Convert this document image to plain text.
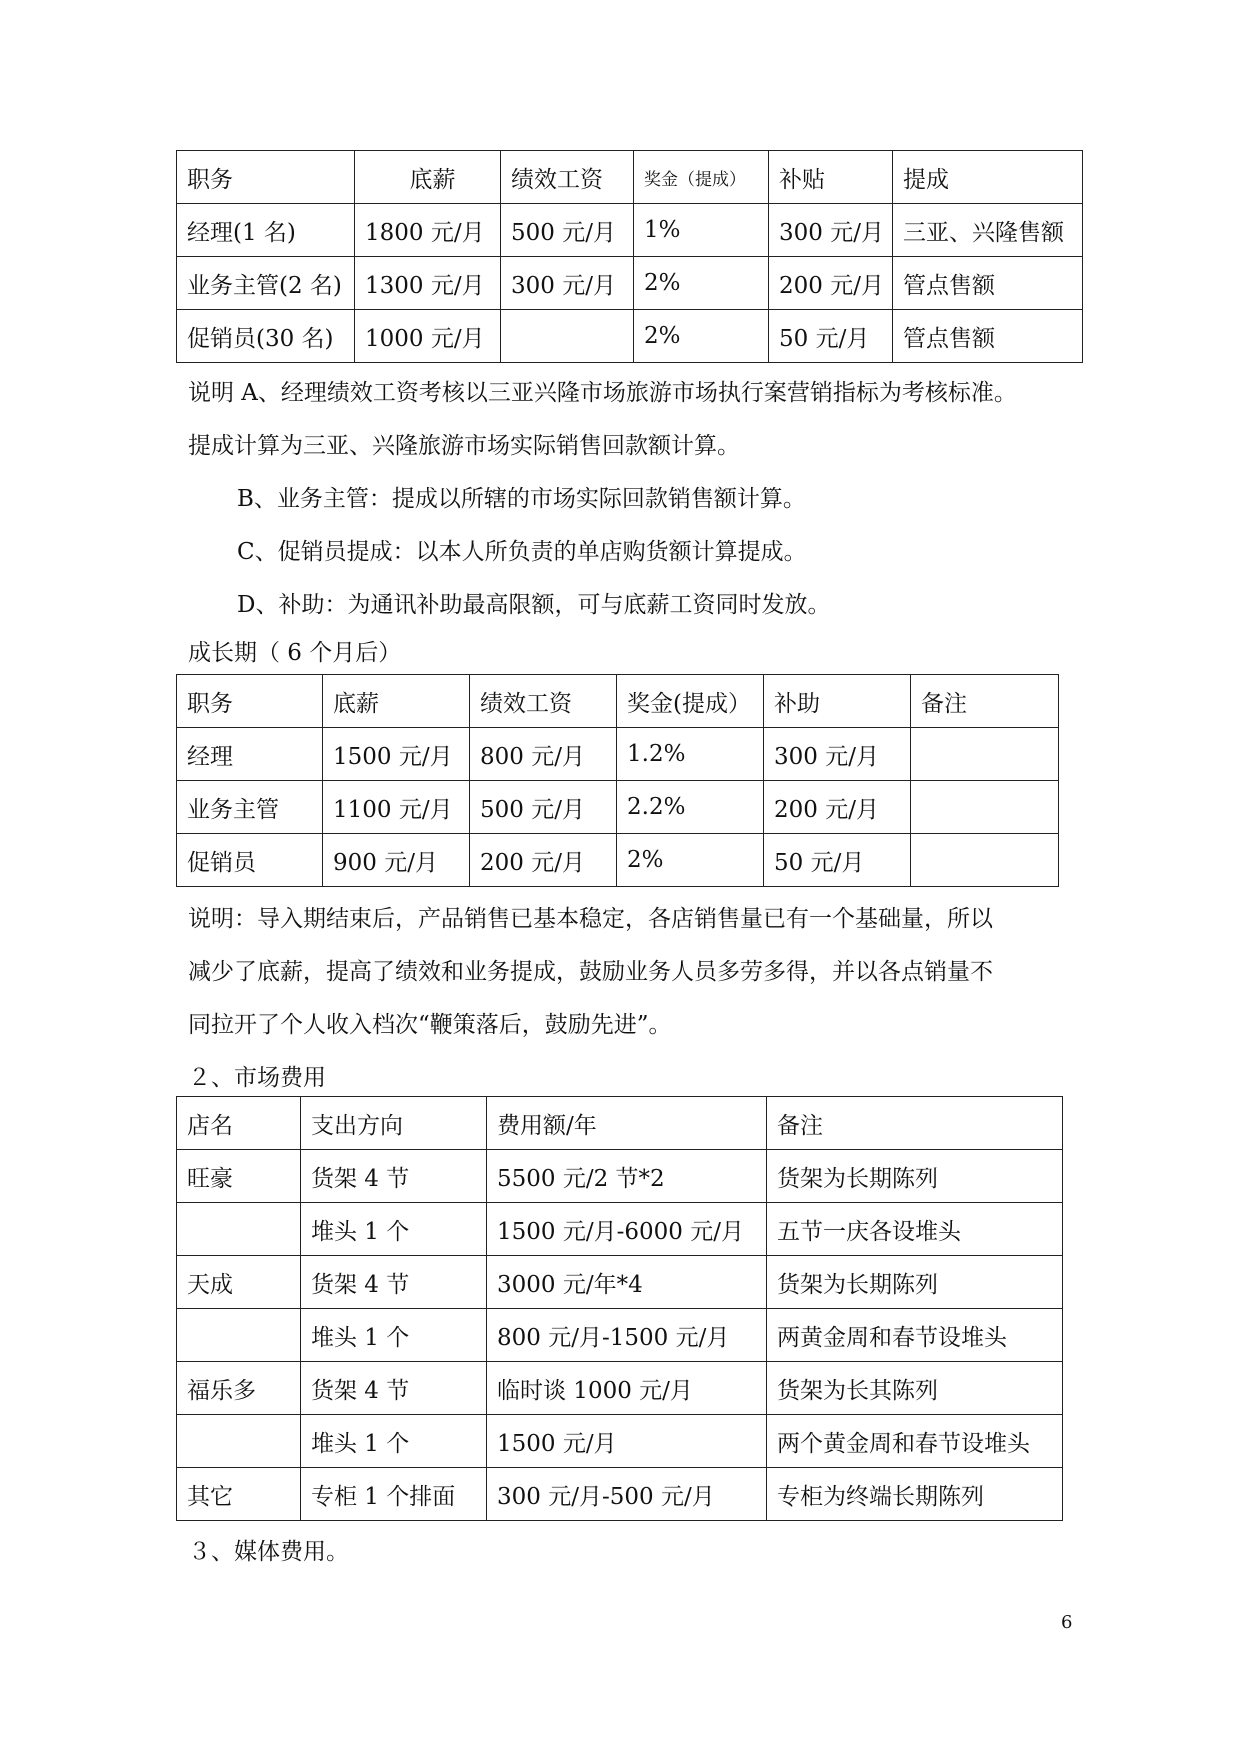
职务	底薪	绩效工资	奖金（提成）	补贴	提成
经理(1 名)	1800 元/月	500 元/月	1%	300 元/月	三亚、兴隆售额
业务主管(2 名)	1300 元/月	300 元/月	2%	200 元/月	管点售额
促销员(30 名)	1000 元/月		2%	50 元/月	管点售额

说明 A、经理绩效工资考核以三亚兴隆市场旅游市场执行案营销指标为考核标准。

提成计算为三亚、兴隆旅游市场实际销售回款额计算。

B、业务主管：提成以所辖的市场实际回款销售额计算。

C、促销员提成：以本人所负责的单店购货额计算提成。

D、补助：为通讯补助最高限额，可与底薪工资同时发放。

成长期（ 6 个月后）

职务	底薪	绩效工资	奖金(提成）	补助	备注
经理	1500 元/月	800 元/月	1.2%	300 元/月	
业务主管	1100 元/月	500 元/月	2.2%	200 元/月	
促销员	900 元/月	200 元/月	2%	50 元/月	

说明：导入期结束后，产品销售已基本稳定，各店销售量已有一个基础量，所以

减少了底薪，提高了绩效和业务提成，鼓励业务人员多劳多得，并以各点销量不

同拉开了个人收入档次“鞭策落后，鼓励先进”。

２、市场费用

店名	支出方向	费用额/年	备注
旺豪	货架 4 节	5500 元/2 节*2	货架为长期陈列
	堆头 1 个	1500 元/月-6000 元/月	五节一庆各设堆头
天成	货架 4 节	3000 元/年*4	货架为长期陈列
	堆头 1 个	800 元/月-1500 元/月	两黄金周和春节设堆头
福乐多	货架 4 节	临时谈 1000 元/月	货架为长其陈列
	堆头 1 个	1500 元/月	两个黄金周和春节设堆头
其它	专柜 1 个排面	300 元/月-500 元/月	专柜为终端长期陈列

３、媒体费用。

6
